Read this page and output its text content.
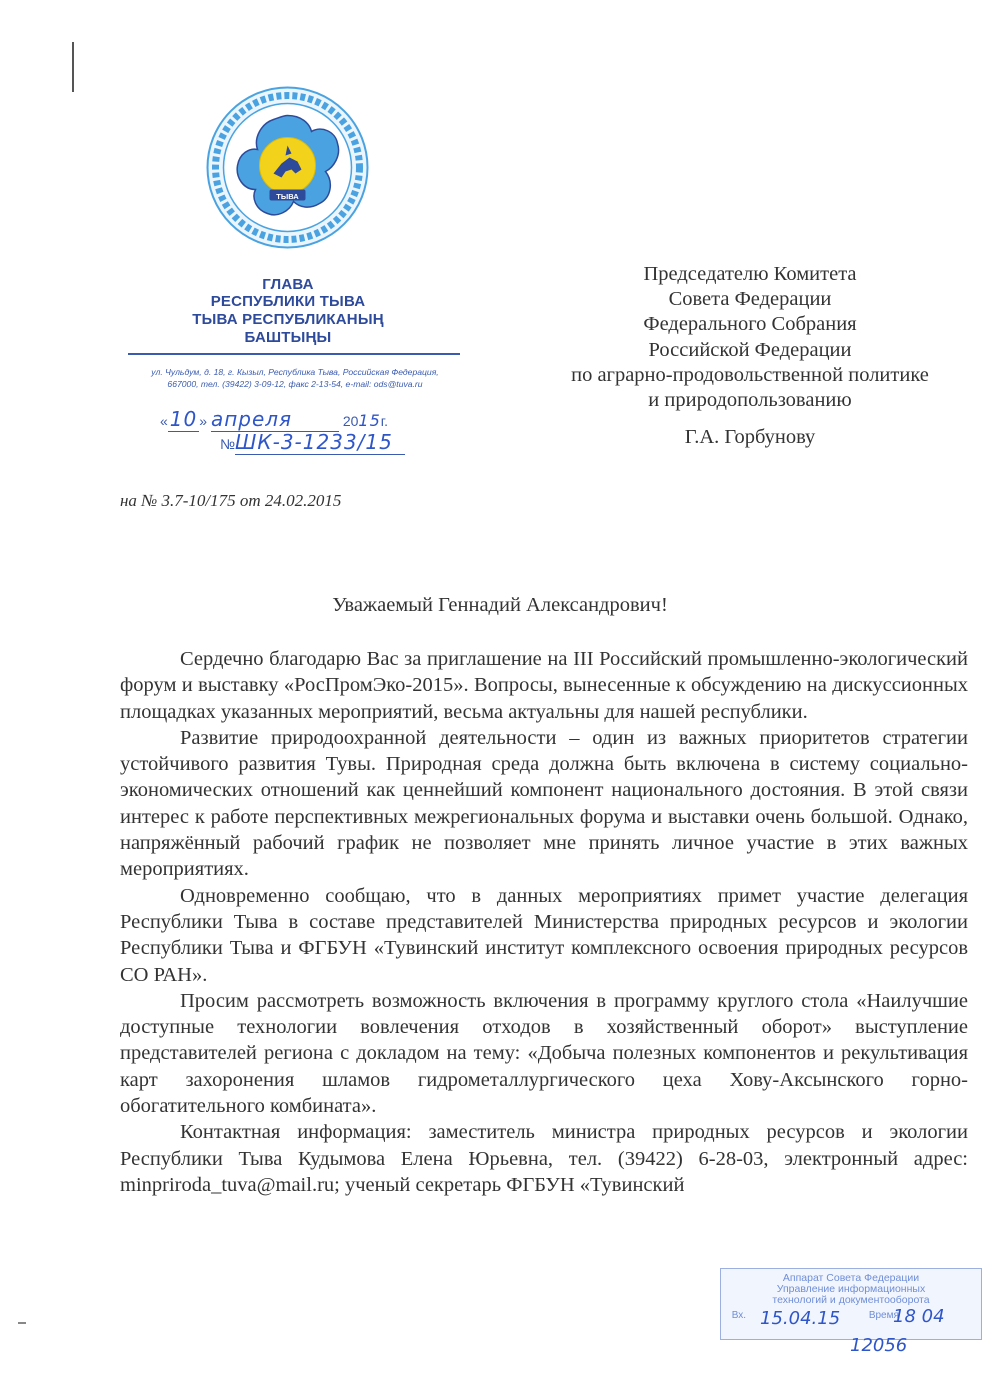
ТЫВА
ГЛАВА
РЕСПУБЛИКИ ТЫВА
ТЫВА РЕСПУБЛИКАНЫҢ
БАШТЫҢЫ
ул. Чульдум, д. 18, г. Кызыл, Республика Тыва, Российская Федерация,
667000, тел. (39422) 3-09-12, факс 2-13-54, e-mail: ods@tuva.ru
« 10 » апреля	2015г.
№ШК-3-1233/15
на № 3.7-10/175 от 24.02.2015
Председателю Комитета
Совета Федерации
Федерального Собрания
Российской Федерации
по аграрно-продовольственной политике
и природопользованию
Г.А. Горбунову
Уважаемый Геннадий Александрович!

Сердечно благодарю Вас за приглашение на III Российский промышленно-экологический форум и выставку «РосПромЭко-2015». Вопросы, вынесенные к обсуждению на дискуссионных площадках указанных мероприятий, весьма актуальны для нашей республики.

Развитие природоохранной деятельности – один из важных приоритетов стратегии устойчивого развития Тувы. Природная среда должна быть включена в систему социально-экономических отношений как ценнейший компонент национального достояния. В этой связи интерес к работе перспективных межрегиональных форума и выставки очень большой. Однако, напряжённый рабочий график не позволяет мне принять личное участие в этих важных мероприятиях.

Одновременно сообщаю, что в данных мероприятиях примет участие делегация Республики Тыва в составе представителей Министерства природных ресурсов и экологии Республики Тыва и ФГБУН «Тувинский институт комплексного освоения природных ресурсов СО РАН».

Просим рассмотреть возможность включения в программу круглого стола «Наилучшие доступные технологии вовлечения отходов в хозяйственный оборот» выступление представителей региона с докладом на тему: «Добыча полезных компонентов и рекультивация карт захоронения шламов гидрометаллургического цеха Хову-Аксынского горно-обогатительного комбината».

Контактная информация: заместитель министра природных ресурсов и экологии Республики Тыва Кудымова Елена Юрьевна, тел. (39422) 6-28-03, электронный адрес: minpriroda_tuva@mail.ru; ученый секретарь ФГБУН «Тувинский

Аппарат Совета Федерации
Управление информационных
технологий и документооборота
Вх.	Время
15.04.15	18 04
12056
